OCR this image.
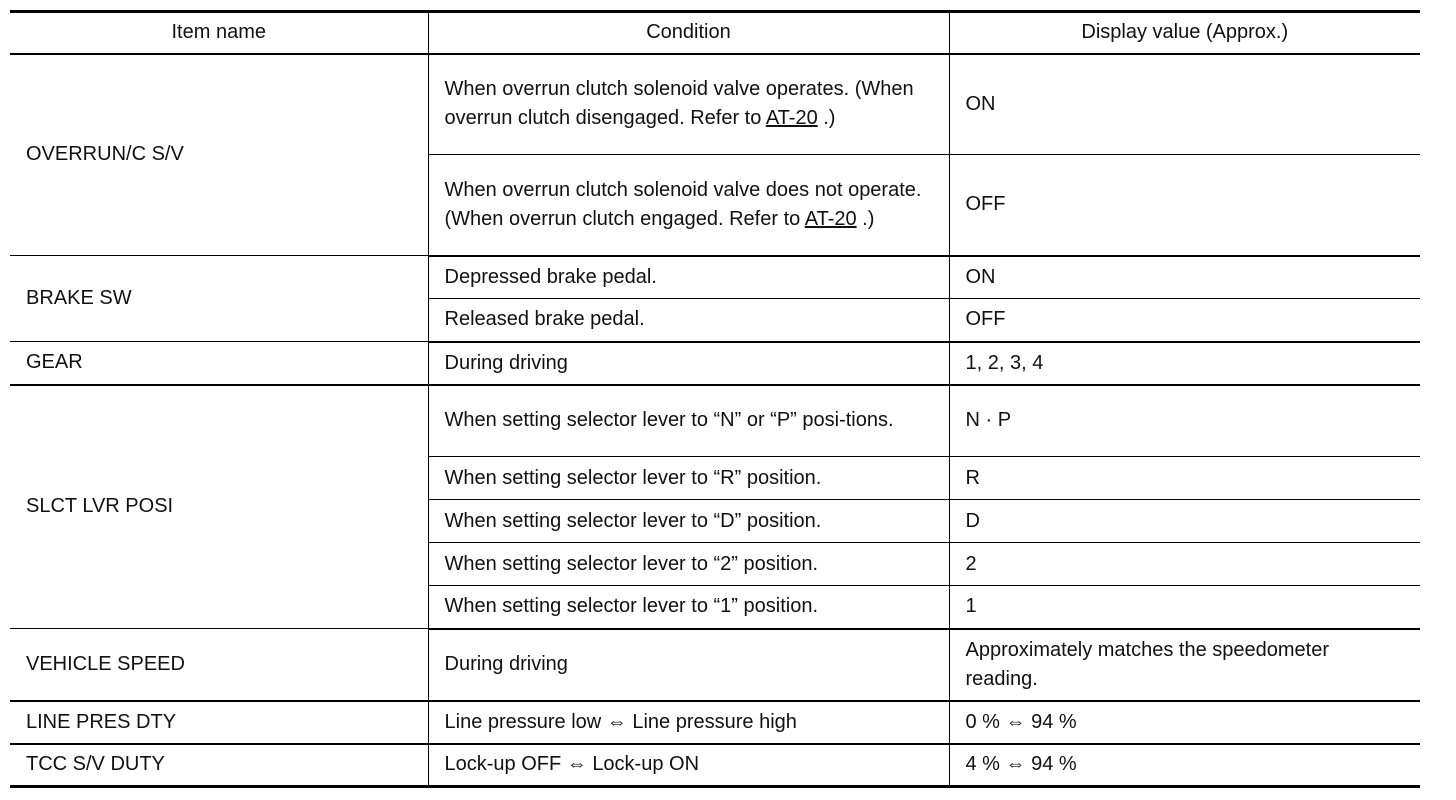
Item name	Condition	Display value (Approx.)
OVERRUN/C S/V	When overrun clutch solenoid valve operates. (When overrun clutch disengaged. Refer to AT-20 .)	ON
	When overrun clutch solenoid valve does not operate. (When overrun clutch engaged. Refer to AT-20 .)	OFF
BRAKE SW	Depressed brake pedal.	ON
	Released brake pedal.	OFF
GEAR	During driving	1, 2, 3, 4
SLCT LVR POSI	When setting selector lever to “N” or “P” posi-tions.	N · P
	When setting selector lever to “R” position.	R
	When setting selector lever to “D” position.	D
	When setting selector lever to “2” position.	2
	When setting selector lever to “1” position.	1
VEHICLE SPEED	During driving	Approximately matches the speedometer reading.
LINE PRES DTY	Line pressure low ⇔ Line pressure high	0 % ⇔ 94 %
TCC S/V DUTY	Lock-up OFF ⇔ Lock-up ON	4 % ⇔ 94 %
